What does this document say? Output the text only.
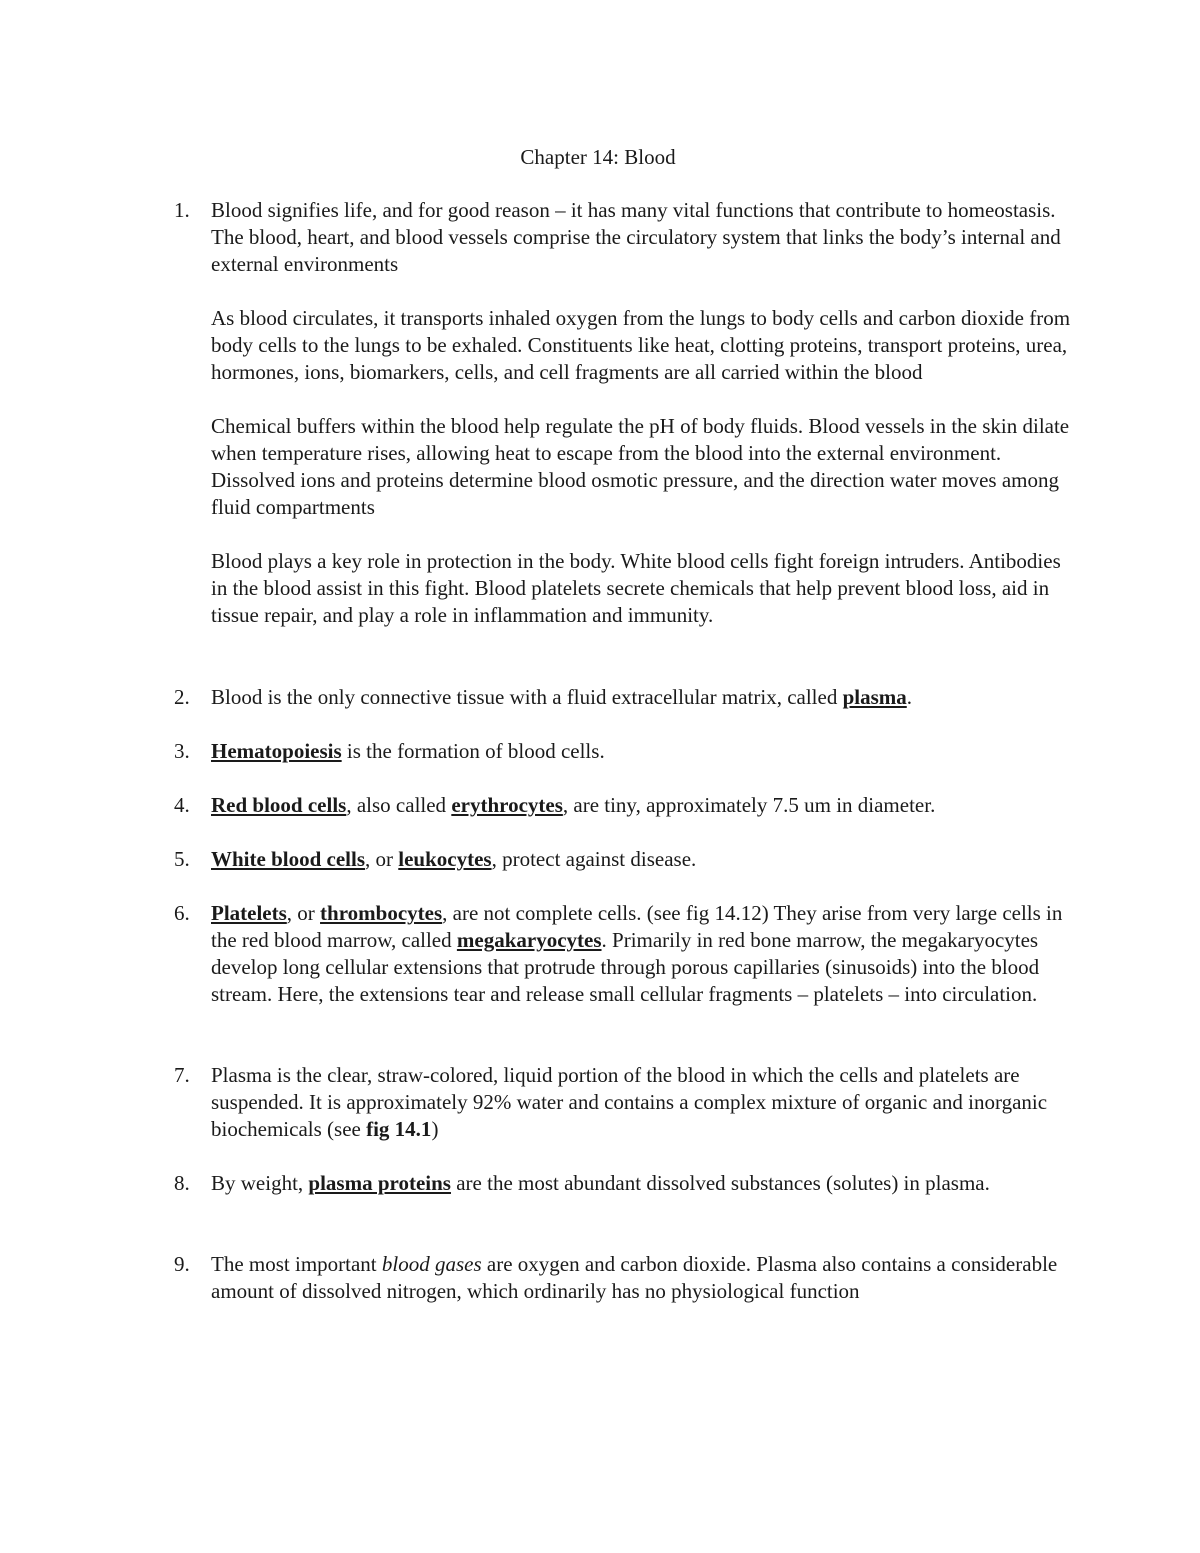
Chapter 14: Blood
1.	Blood signifies life, and for good reason – it has many vital functions that contribute to homeostasis. The blood, heart, and blood vessels comprise the circulatory system that links the body’s internal and external environments

As blood circulates, it transports inhaled oxygen from the lungs to body cells and carbon dioxide from body cells to the lungs to be exhaled. Constituents like heat, clotting proteins, transport proteins, urea, hormones, ions, biomarkers, cells, and cell fragments are all carried within the blood

Chemical buffers within the blood help regulate the pH of body fluids. Blood vessels in the skin dilate when temperature rises, allowing heat to escape from the blood into the external environment. Dissolved ions and proteins determine blood osmotic pressure, and the direction water moves among fluid compartments

Blood plays a key role in protection in the body. White blood cells fight foreign intruders. Antibodies in the blood assist in this fight. Blood platelets secrete chemicals that help prevent blood loss, aid in tissue repair, and play a role in inflammation and immunity.

2.	Blood is the only connective tissue with a fluid extracellular matrix, called plasma.

3.	Hematopoiesis is the formation of blood cells.

4.	Red blood cells, also called erythrocytes, are tiny, approximately 7.5 um in diameter.

5.	White blood cells, or leukocytes, protect against disease.

6.	Platelets, or thrombocytes, are not complete cells. (see fig 14.12) They arise from very large cells in the red blood marrow, called megakaryocytes. Primarily in red bone marrow, the megakaryocytes develop long cellular extensions that protrude through porous capillaries (sinusoids) into the blood stream. Here, the extensions tear and release small cellular fragments – platelets – into circulation.

7.	Plasma is the clear, straw-colored, liquid portion of the blood in which the cells and platelets are suspended. It is approximately 92% water and contains a complex mixture of organic and inorganic biochemicals (see fig 14.1)

8.	By weight, plasma proteins are the most abundant dissolved substances (solutes) in plasma.

9.	The most important blood gases are oxygen and carbon dioxide. Plasma also contains a considerable amount of dissolved nitrogen, which ordinarily has no physiological function
